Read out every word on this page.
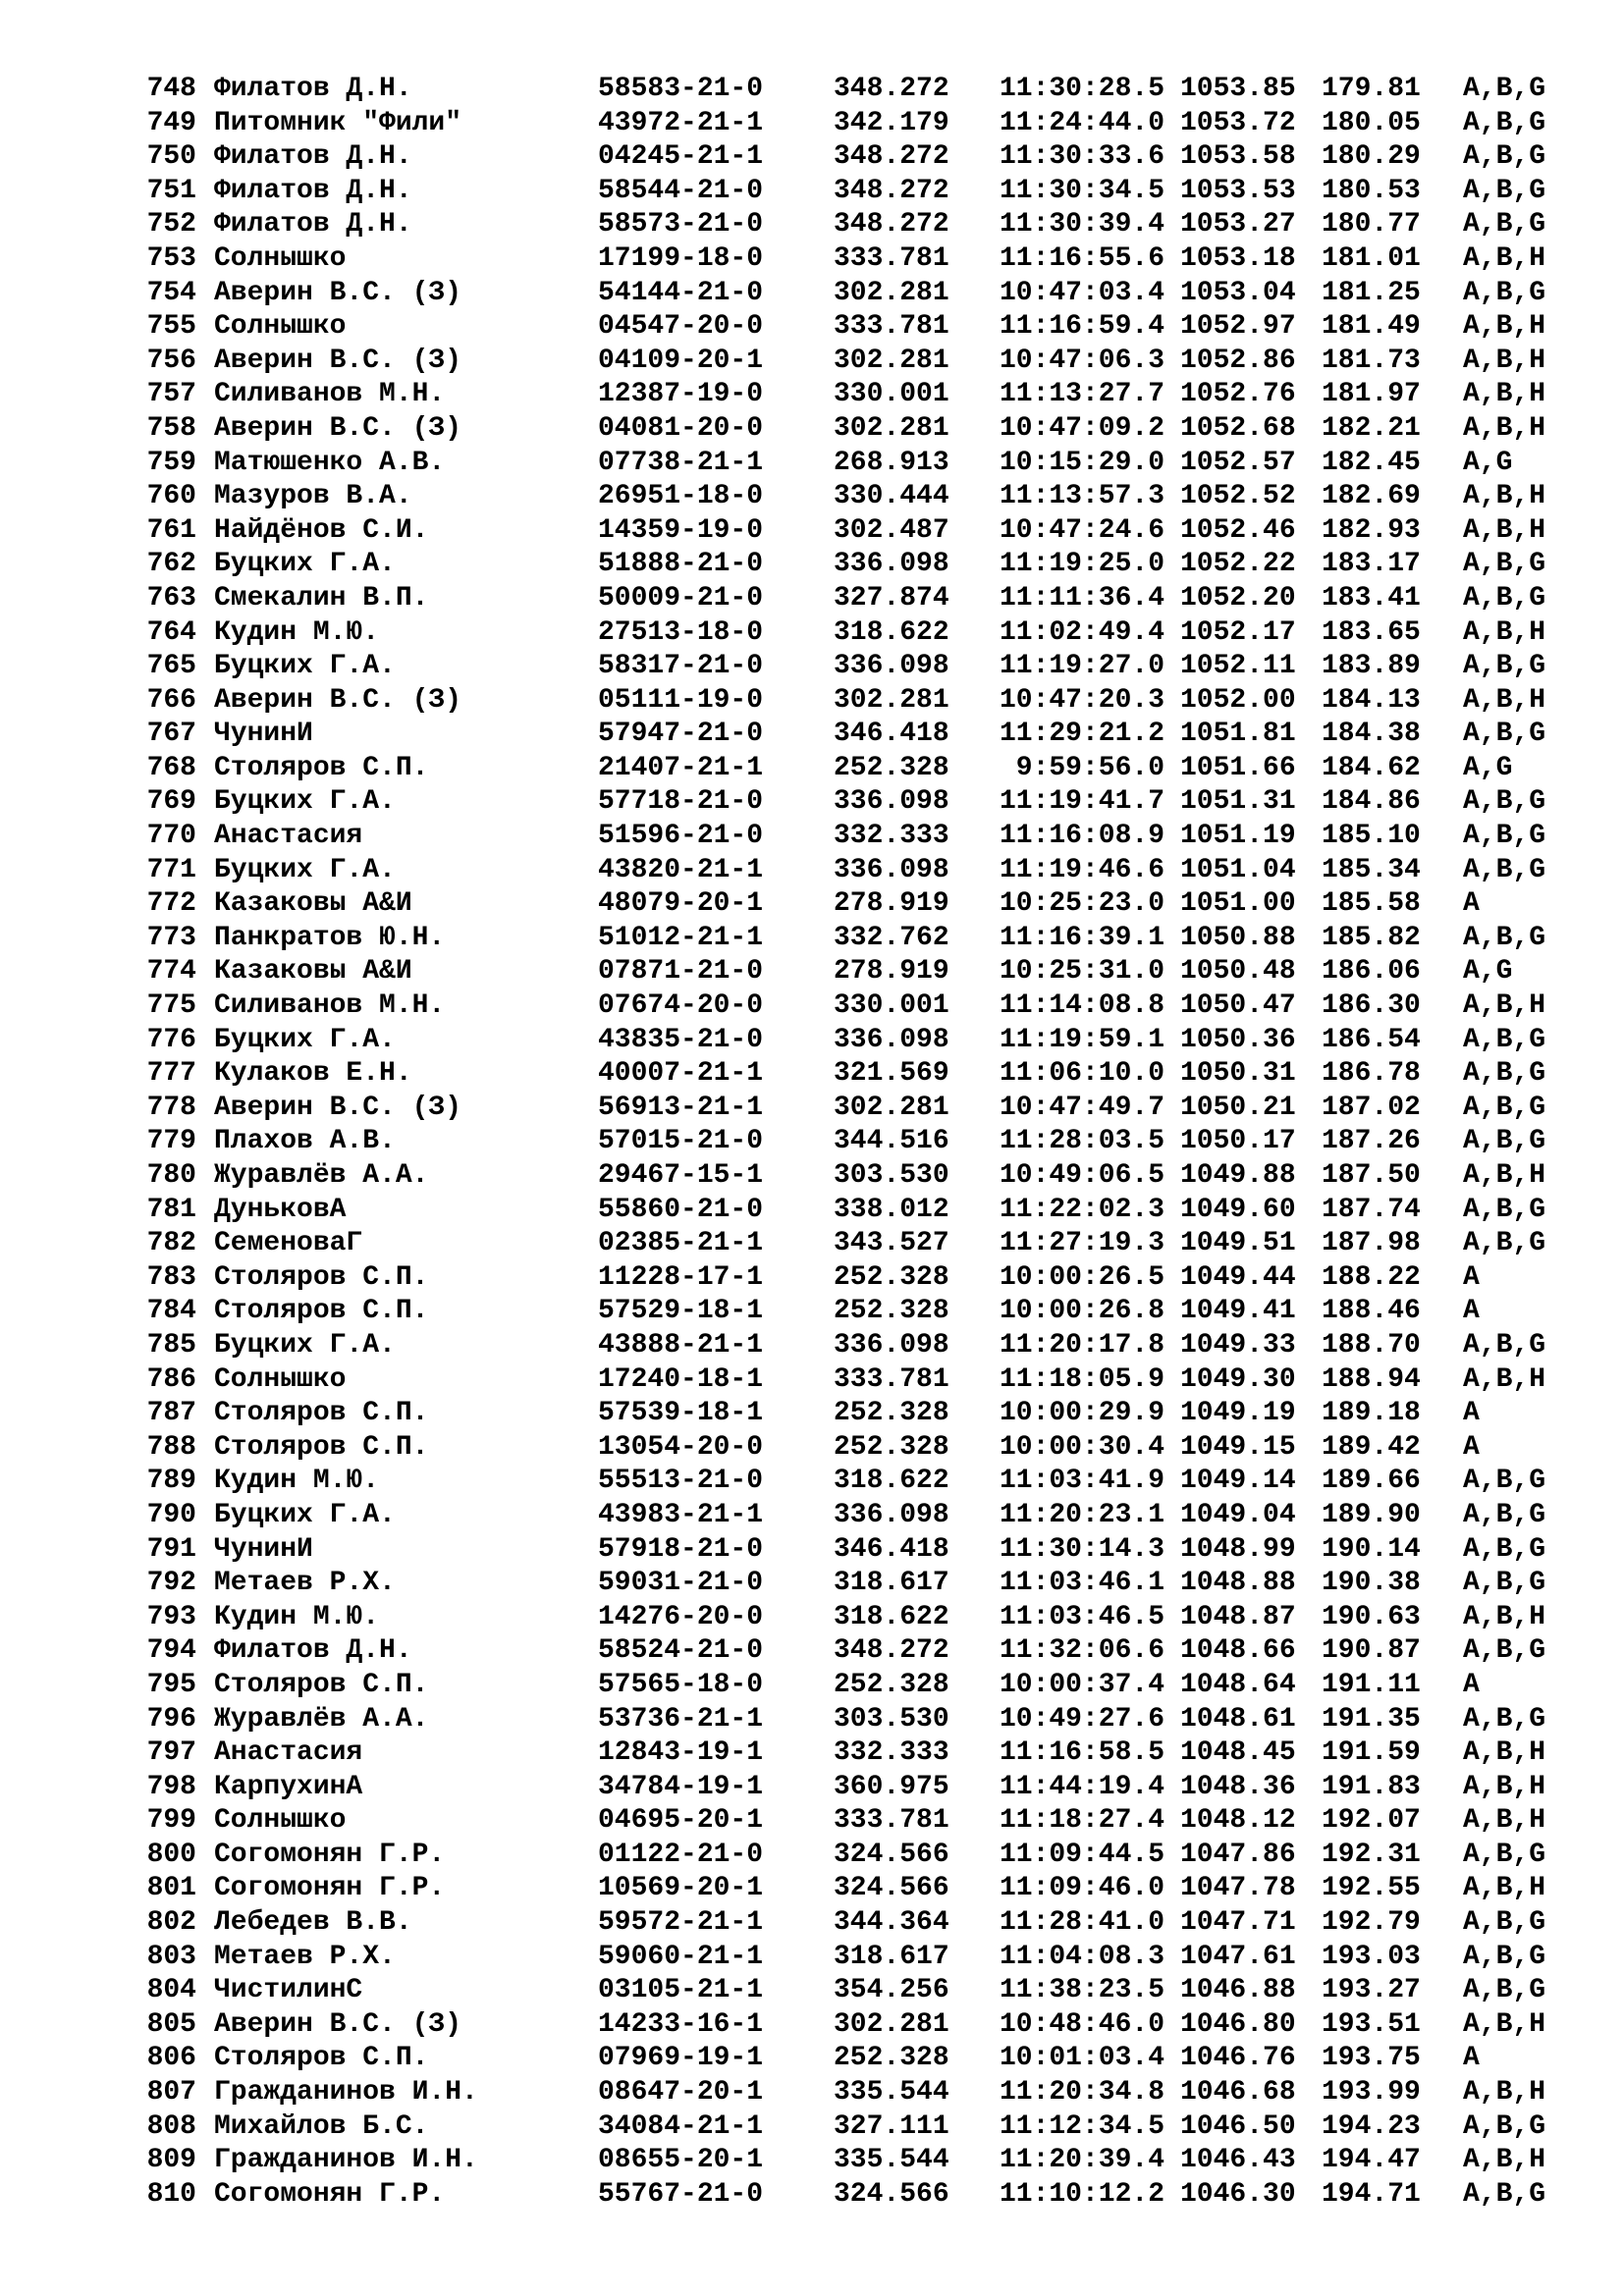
748 Филатов Д.Н.	58583-21-0	348.272	11:30:28.5 1053.85 179.81 A,B,G
749 Питомник "Фили"	43972-21-1	342.179	11:24:44.0 1053.72 180.05 A,B,G
750 Филатов Д.Н.	04245-21-1	348.272	11:30:33.6 1053.58 180.29 A,B,G
751 Филатов Д.Н.	58544-21-0	348.272	11:30:34.5 1053.53 180.53 A,B,G
752 Филатов Д.Н.	58573-21-0	348.272	11:30:39.4 1053.27 180.77 A,B,G
753 Солнышко	17199-18-0	333.781	11:16:55.6 1053.18 181.01 A,B,H
754 Аверин В.С. (З)	54144-21-0	302.281	10:47:03.4 1053.04 181.25 A,B,G
755 Солнышко	04547-20-0	333.781	11:16:59.4 1052.97 181.49 A,B,H
756 Аверин В.С. (З)	04109-20-1	302.281	10:47:06.3 1052.86 181.73 A,B,H
757 Силиванов М.Н.	12387-19-0	330.001	11:13:27.7 1052.76 181.97 A,B,H
758 Аверин В.С. (З)	04081-20-0	302.281	10:47:09.2 1052.68 182.21 A,B,H
759 Матюшенко А.В.	07738-21-1	268.913	10:15:29.0 1052.57 182.45 A,G
760 Мазуров В.А.	26951-18-0	330.444	11:13:57.3 1052.52 182.69 A,B,H
761 Найдёнов С.И.	14359-19-0	302.487	10:47:24.6 1052.46 182.93 A,B,H
762 Буцких Г.А.	51888-21-0	336.098	11:19:25.0 1052.22 183.17 A,B,G
763 Смекалин В.П.	50009-21-0	327.874	11:11:36.4 1052.20 183.41 A,B,G
764 Кудин М.Ю.	27513-18-0	318.622	11:02:49.4 1052.17 183.65 A,B,H
765 Буцких Г.А.	58317-21-0	336.098	11:19:27.0 1052.11 183.89 A,B,G
766 Аверин В.С. (З)	05111-19-0	302.281	10:47:20.3 1052.00 184.13 A,B,H
767 ЧунинИ	57947-21-0	346.418	11:29:21.2 1051.81 184.38 A,B,G
768 Столяров С.П.	21407-21-1	252.328	9:59:56.0 1051.66 184.62 A,G
769 Буцких Г.А.	57718-21-0	336.098	11:19:41.7 1051.31 184.86 A,B,G
770 Анастасия	51596-21-0	332.333	11:16:08.9 1051.19 185.10 A,B,G
771 Буцких Г.А.	43820-21-1	336.098	11:19:46.6 1051.04 185.34 A,B,G
772 Казаковы А&И	48079-20-1	278.919	10:25:23.0 1051.00 185.58 A
773 Панкратов Ю.Н.	51012-21-1	332.762	11:16:39.1 1050.88 185.82 A,B,G
774 Казаковы А&И	07871-21-0	278.919	10:25:31.0 1050.48 186.06 A,G
775 Силиванов М.Н.	07674-20-0	330.001	11:14:08.8 1050.47 186.30 A,B,H
776 Буцких Г.А.	43835-21-0	336.098	11:19:59.1 1050.36 186.54 A,B,G
777 Кулаков Е.Н.	40007-21-1	321.569	11:06:10.0 1050.31 186.78 A,B,G
778 Аверин В.С. (З)	56913-21-1	302.281	10:47:49.7 1050.21 187.02 A,B,G
779 Плахов А.В.	57015-21-0	344.516	11:28:03.5 1050.17 187.26 A,B,G
780 Журавлёв А.А.	29467-15-1	303.530	10:49:06.5 1049.88 187.50 A,B,H
781 ДуньковА	55860-21-0	338.012	11:22:02.3 1049.60 187.74 A,B,G
782 СеменоваГ	02385-21-1	343.527	11:27:19.3 1049.51 187.98 A,B,G
783 Столяров С.П.	11228-17-1	252.328	10:00:26.5 1049.44 188.22 A
784 Столяров С.П.	57529-18-1	252.328	10:00:26.8 1049.41 188.46 A
785 Буцких Г.А.	43888-21-1	336.098	11:20:17.8 1049.33 188.70 A,B,G
786 Солнышко	17240-18-1	333.781	11:18:05.9 1049.30 188.94 A,B,H
787 Столяров С.П.	57539-18-1	252.328	10:00:29.9 1049.19 189.18 A
788 Столяров С.П.	13054-20-0	252.328	10:00:30.4 1049.15 189.42 A
789 Кудин М.Ю.	55513-21-0	318.622	11:03:41.9 1049.14 189.66 A,B,G
790 Буцких Г.А.	43983-21-1	336.098	11:20:23.1 1049.04 189.90 A,B,G
791 ЧунинИ	57918-21-0	346.418	11:30:14.3 1048.99 190.14 A,B,G
792 Метаев Р.Х.	59031-21-0	318.617	11:03:46.1 1048.88 190.38 A,B,G
793 Кудин М.Ю.	14276-20-0	318.622	11:03:46.5 1048.87 190.63 A,B,H
794 Филатов Д.Н.	58524-21-0	348.272	11:32:06.6 1048.66 190.87 A,B,G
795 Столяров С.П.	57565-18-0	252.328	10:00:37.4 1048.64 191.11 A
796 Журавлёв А.А.	53736-21-1	303.530	10:49:27.6 1048.61 191.35 A,B,G
797 Анастасия	12843-19-1	332.333	11:16:58.5 1048.45 191.59 A,B,H
798 КарпухинА	34784-19-1	360.975	11:44:19.4 1048.36 191.83 A,B,H
799 Солнышко	04695-20-1	333.781	11:18:27.4 1048.12 192.07 A,B,H
800 Согомонян Г.Р.	01122-21-0	324.566	11:09:44.5 1047.86 192.31 A,B,G
801 Согомонян Г.Р.	10569-20-1	324.566	11:09:46.0 1047.78 192.55 A,B,H
802 Лебедев В.В.	59572-21-1	344.364	11:28:41.0 1047.71 192.79 A,B,G
803 Метаев Р.Х.	59060-21-1	318.617	11:04:08.3 1047.61 193.03 A,B,G
804 ЧистилинС	03105-21-1	354.256	11:38:23.5 1046.88 193.27 A,B,G
805 Аверин В.С. (З)	14233-16-1	302.281	10:48:46.0 1046.80 193.51 A,B,H
806 Столяров С.П.	07969-19-1	252.328	10:01:03.4 1046.76 193.75 A
807 Гражданинов И.Н.	08647-20-1	335.544	11:20:34.8 1046.68 193.99 A,B,H
808 Михайлов Б.С.	34084-21-1	327.111	11:12:34.5 1046.50 194.23 A,B,G
809 Гражданинов И.Н.	08655-20-1	335.544	11:20:39.4 1046.43 194.47 A,B,H
810 Согомонян Г.Р.	55767-21-0	324.566	11:10:12.2 1046.30 194.71 A,B,G
